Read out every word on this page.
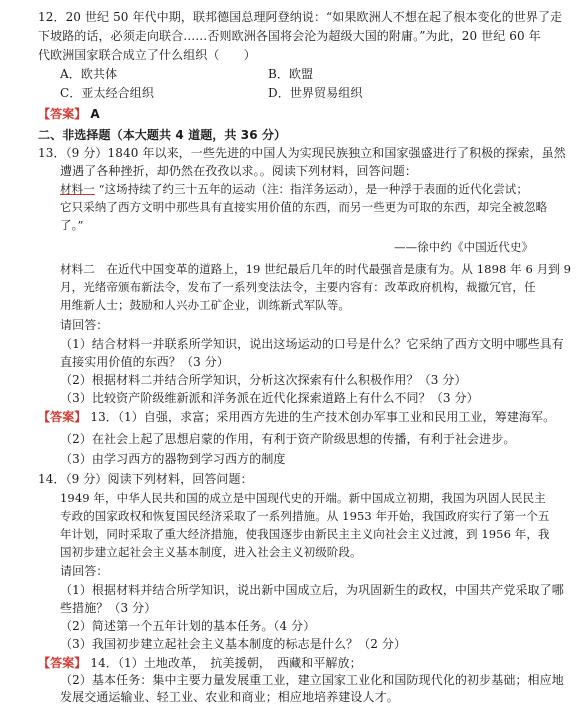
12．20 世纪 50 年代中期，联邦德国总理阿登纳说：“如果欧洲人不想在起了根本变化的世界了走
下坡路的话，必须走向联合……否则欧洲各国将会沦为超级大国的附庸。”为此，20 世纪 60 年
代欧洲国家联合成立了什么组织（　　）
A．欧共体	B．欧盟
C．亚太经合组织	D．世界贸易组织
【答案】 A
二、非选择题（本大题共 4 道题，共 36 分）
13．（9 分）1840 年以来，一些先进的中国人为实现民族独立和国家强盛进行了积极的探索，虽然
遭遇了各种挫折，却仍然在孜孜以求。。阅读下列材料，回答问题：
材料一 “这场持续了约三十五年的运动（注：指洋务运动），是一种浮于表面的近代化尝试；
它只采纳了西方文明中那些具有直接实用价值的东西，而另一些更为可取的东西，却完全被忽略
了。”
——徐中约《中国近代史》
材料二　在近代中国变革的道路上，19 世纪最后几年的时代最强音是康有为。从 1898 年 6 月到 9
月，光绪帝颁布新法令，发布了一系列变法法令，主要内容有：改革政府机构，裁撤冗官，任
用维新人士；鼓励和人兴办工矿企业，训练新式军队等。
请回答：
（1）结合材料一并联系所学知识，说出这场运动的口号是什么？它采纳了西方文明中哪些具有
直接实用价值的东西？（3 分）
（2）根据材料二并结合所学知识，分析这次探索有什么积极作用？（3 分）
（3）比较资产阶级维新派和洋务派在近代化探索道路上有什么不同？（3 分）
【答案】 13．（1）自强，求富；采用西方先进的生产技术创办军事工业和民用工业，筹建海军。
（2）在社会上起了思想启蒙的作用，有利于资产阶级思想的传播，有利于社会进步。
（3）由学习西方的器物到学习西方的制度
14．（9 分）阅读下列材料，回答问题：
1949 年，中华人民共和国的成立是中国现代史的开端。新中国成立初期，我国为巩固人民民主
专政的国家政权和恢复国民经济采取了一系列措施。从 1953 年开始，我国政府实行了第一个五
年计划，同时采取了重大经济措施，使我国逐步由新民主主义向社会主义过渡，到 1956 年，我
国初步建立起社会主义基本制度，进入社会主义初级阶段。
请回答：
（1）根据材料并结合所学知识，说出新中国成立后，为巩固新生的政权，中国共产党采取了哪
些措施？（3 分）
（2）简述第一个五年计划的基本任务。（4 分）
（3）我国初步建立起社会主义基本制度的标志是什么？（2 分）
【答案】 14．（1）土地改革，　抗美援朝，　西藏和平解放；
（2）基本任务：集中主要力量发展重工业，建立国家工业化和国防现代化的初步基础；相应地
发展交通运输业、轻工业、农业和商业；相应地培养建设人才。
